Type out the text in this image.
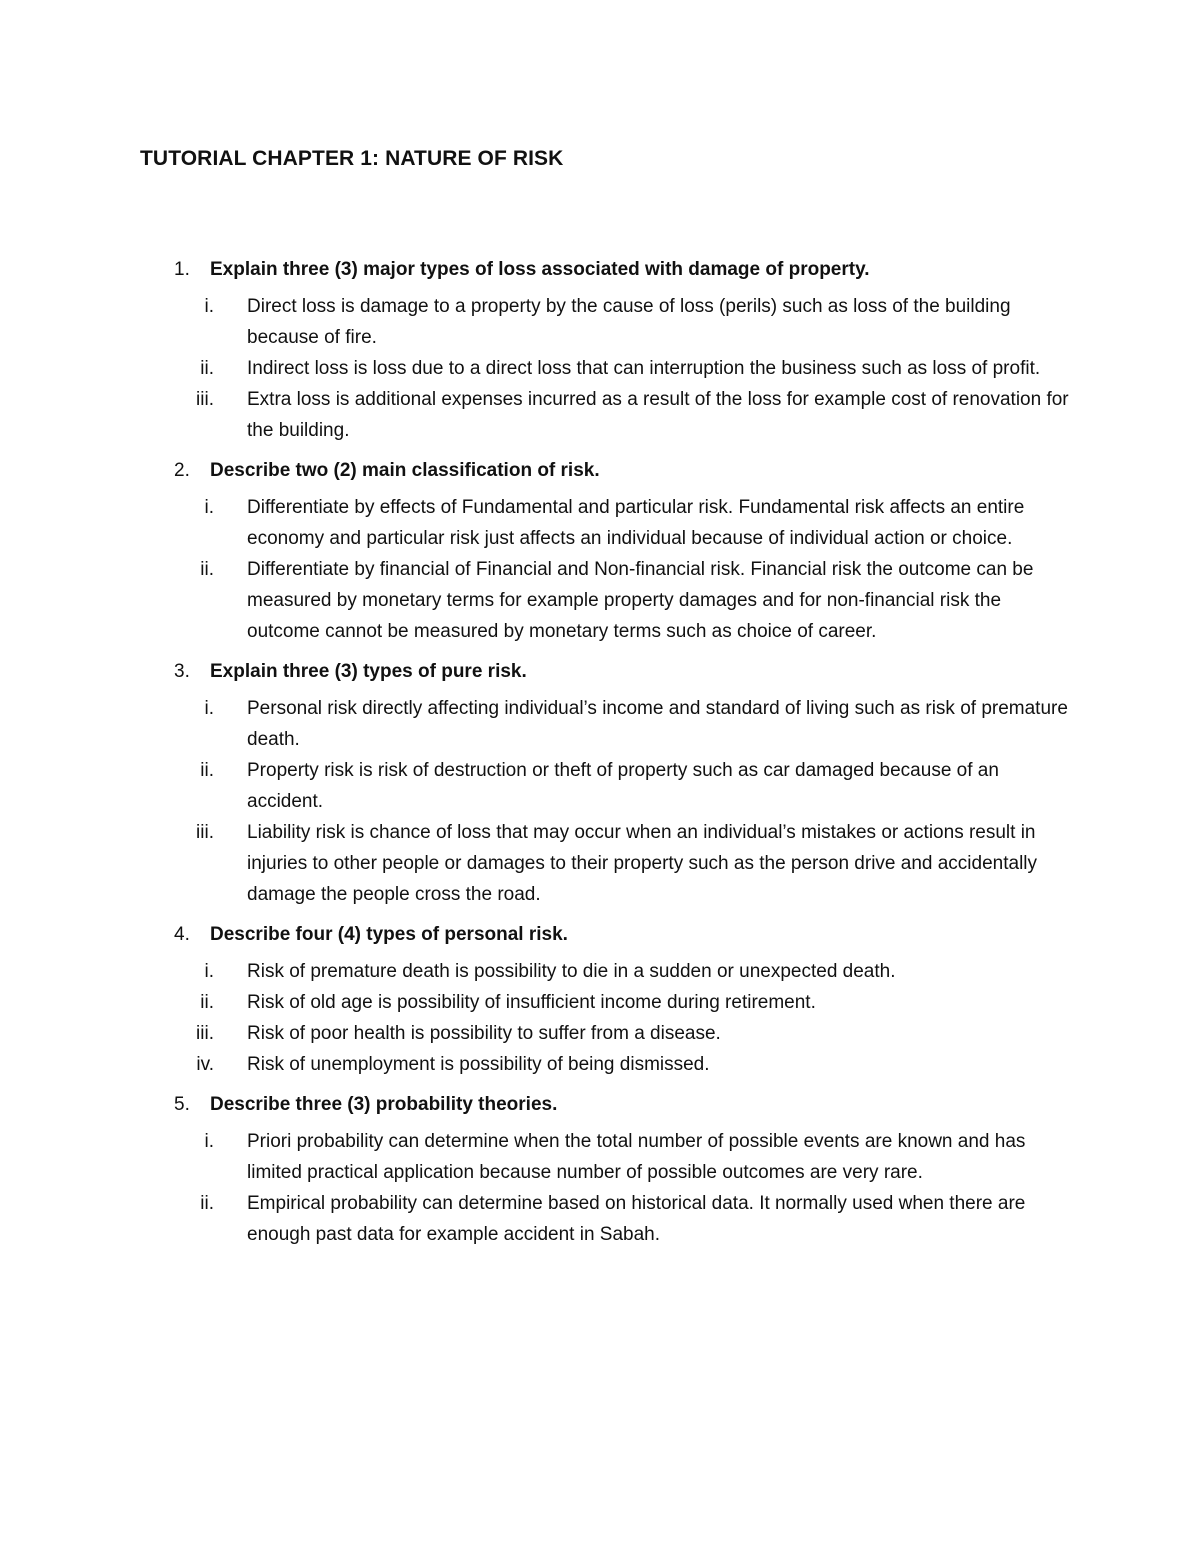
TUTORIAL CHAPTER 1: NATURE OF RISK
1. Explain three (3) major types of loss associated with damage of property.
i. Direct loss is damage to a property by the cause of loss (perils) such as loss of the building because of fire.
ii. Indirect loss is loss due to a direct loss that can interruption the business such as loss of profit.
iii. Extra loss is additional expenses incurred as a result of the loss for example cost of renovation for the building.
2. Describe two (2) main classification of risk.
i. Differentiate by effects of Fundamental and particular risk. Fundamental risk affects an entire economy and particular risk just affects an individual because of individual action or choice.
ii. Differentiate by financial of Financial and Non-financial risk. Financial risk the outcome can be measured by monetary terms for example property damages and for non-financial risk the outcome cannot be measured by monetary terms such as choice of career.
3. Explain three (3) types of pure risk.
i. Personal risk directly affecting individual’s income and standard of living such as risk of premature death.
ii. Property risk is risk of destruction or theft of property such as car damaged because of an accident.
iii. Liability risk is chance of loss that may occur when an individual’s mistakes or actions result in injuries to other people or damages to their property such as the person drive and accidentally damage the people cross the road.
4. Describe four (4) types of personal risk.
i. Risk of premature death is possibility to die in a sudden or unexpected death.
ii. Risk of old age is possibility of insufficient income during retirement.
iii. Risk of poor health is possibility to suffer from a disease.
iv. Risk of unemployment is possibility of being dismissed.
5. Describe three (3) probability theories.
i. Priori probability can determine when the total number of possible events are known and has limited practical application because number of possible outcomes are very rare.
ii. Empirical probability can determine based on historical data. It normally used when there are enough past data for example accident in Sabah.
